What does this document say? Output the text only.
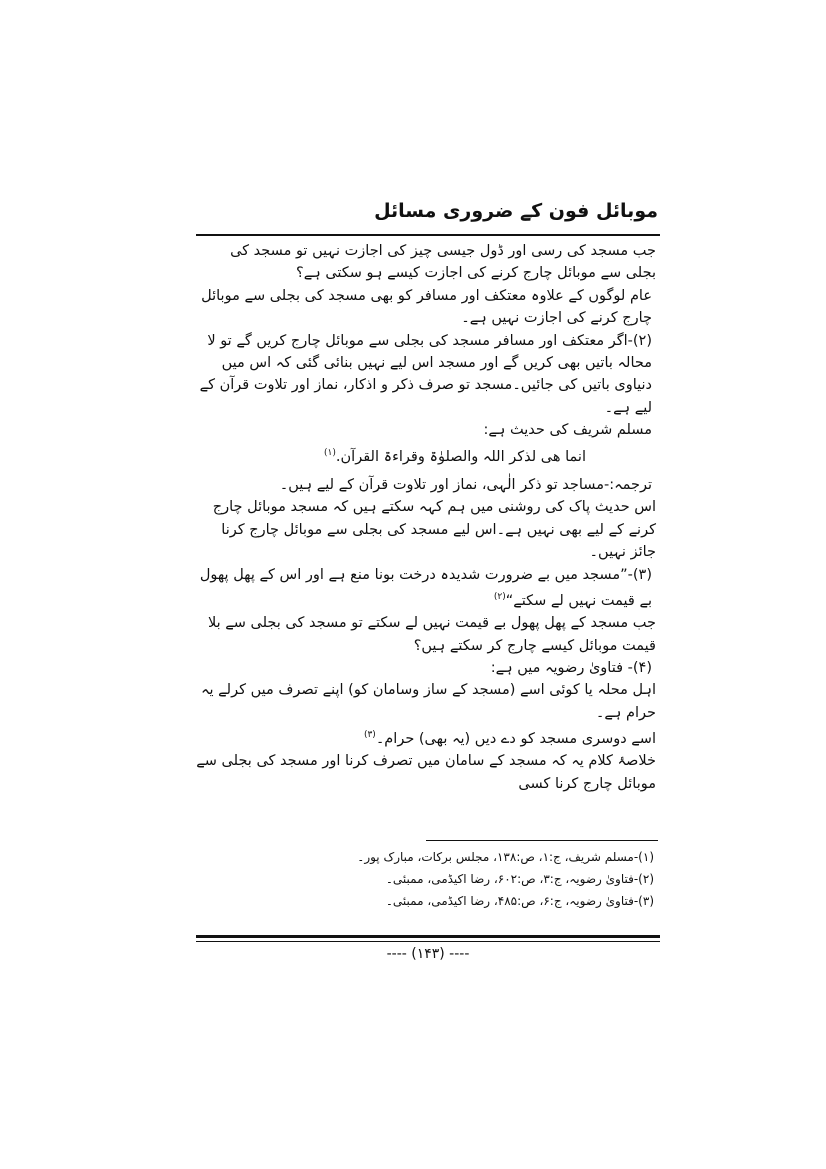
موبائل فون کے ضروری مسائل

جب مسجد کی رسی اور ڈول جیسی چیز کی اجازت نہیں تو مسجد کی بجلی سے موبائل چارج کرنے کی اجازت کیسے ہو سکتی ہے؟

عام لوگوں کے علاوہ معتکف اور مسافر کو بھی مسجد کی بجلی سے موبائل چارج کرنے کی اجازت نہیں ہے۔

(۲)-اگر معتکف اور مسافر مسجد کی بجلی سے موبائل چارج کریں گے تو لا محالہ باتیں بھی کریں گے اور مسجد اس لیے نہیں بنائی گئی کہ اس میں دنیاوی باتیں کی جائیں۔مسجد تو صرف ذکر و اذکار، نماز اور تلاوت قرآن کے لیے ہے۔

مسلم شریف کی حدیث ہے:

انما ھی لذکر اللہ والصلوٰۃ وقراءۃ القرآن.$^{(۱)}$

ترجمہ:-مساجد تو ذکر الٰہی، نماز اور تلاوت قرآن کے لیے ہیں۔

اس حدیث پاک کی روشنی میں ہم کہہ سکتے ہیں کہ مسجد موبائل چارج کرنے کے لیے بھی نہیں ہے۔اس لیے مسجد کی بجلی سے موبائل چارج کرنا جائز نہیں۔

(۳)-”مسجد میں بے ضرورت شدیدہ درخت بونا منع ہے اور اس کے پھل پھول بے قیمت نہیں لے سکتے“$^{(۲)}$

جب مسجد کے پھل پھول بے قیمت نہیں لے سکتے تو مسجد کی بجلی سے بلا قیمت موبائل کیسے چارج کر سکتے ہیں؟

(۴)- فتاویٰ رضویہ میں ہے:

اہل محلہ یا کوئی اسے (مسجد کے ساز وسامان کو) اپنے تصرف میں کرلے یہ حرام ہے۔

اسے دوسری مسجد کو دے دیں (یہ بھی) حرام۔$^{(۳)}$

خلاصۂ کلام یہ کہ مسجد کے سامان میں تصرف کرنا اور مسجد کی بجلی سے موبائل چارج کرنا کسی

(۱)-مسلم شریف، ج:۱، ص:۱۳۸، مجلس برکات، مبارک پور۔

(۲)-فتاویٰ رضویہ، ج:۳، ص:۶۰۲، رضا اکیڈمی، ممبئی۔

(۳)-فتاویٰ رضویہ، ج:۶، ص:۴۸۵، رضا اکیڈمی، ممبئی۔

---- (۱۴۳) ----
